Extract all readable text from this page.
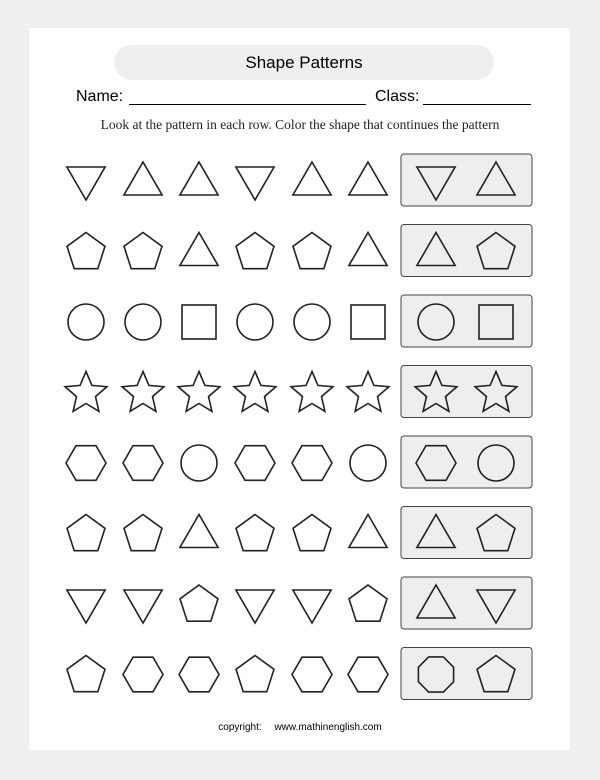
Shape Patterns
Name:	Class:
Look at the pattern in each row. Color the shape that continues the pattern
copyright: www.mathinenglish.com
